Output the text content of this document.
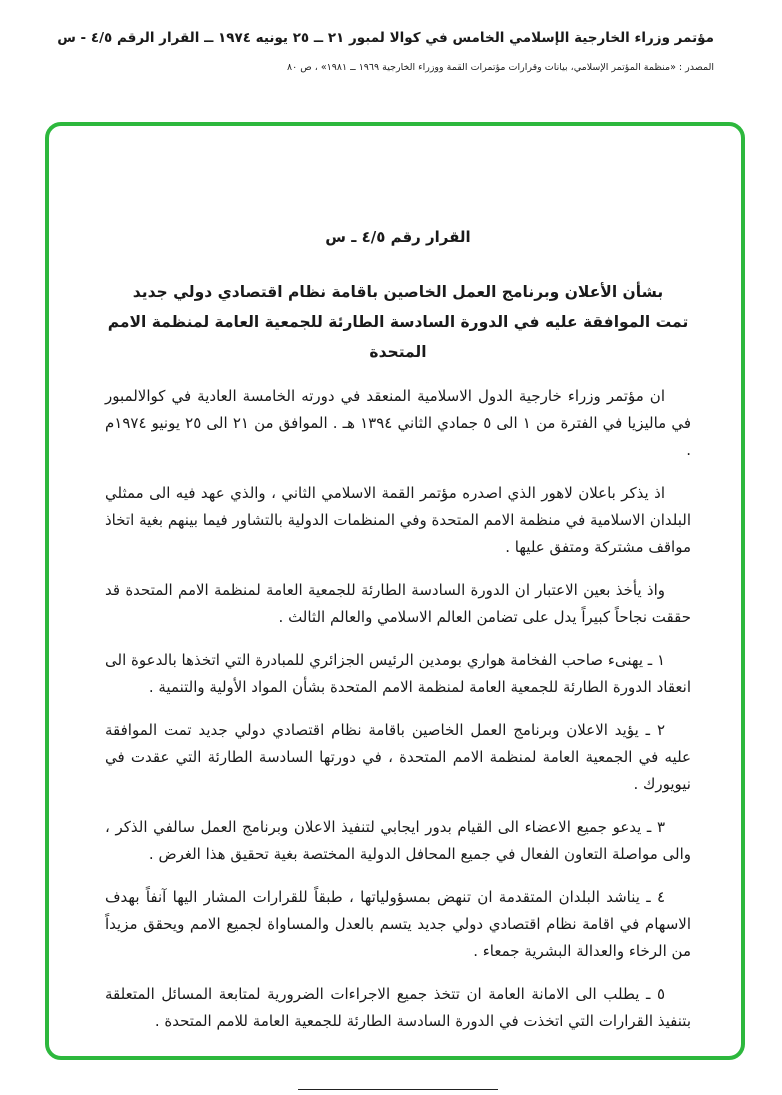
مؤتمر وزراء الخارجية الإسلامي الخامس في كوالا لمبور ٢١ ــ ٢٥ يونيه ١٩٧٤ ــ القرار الرقم ٤/٥ - س
المصدر : «منظمة المؤتمر الإسلامي، بيانات وقرارات مؤتمرات القمة ووزراء الخارجية ١٩٦٩ ــ ١٩٨١» ، ص ٨٠
القرار رقم ٤/٥ ـ س
بشأن الأعلان وبرنامج العمل الخاصين باقامة نظام اقتصادي دولي جديد
تمت الموافقة عليه في الدورة السادسة الطارئة للجمعية العامة لمنظمة الامم المتحدة

ان مؤتمر وزراء خارجية الدول الاسلامية المنعقد في دورته الخامسة العادية في كوالالمبور في ماليزيا في الفترة من ١ الى ٥ جمادي الثاني ١٣٩٤ هـ . الموافق من ٢١ الى ٢٥ يونيو ١٩٧٤م .

اذ يذكر باعلان لاهور الذي اصدره مؤتمر القمة الاسلامي الثاني ، والذي عهد فيه الى ممثلي البلدان الاسلامية في منظمة الامم المتحدة وفي المنظمات الدولية بالتشاور فيما بينهم بغية اتخاذ مواقف مشتركة ومتفق عليها .

واذ يأخذ بعين الاعتبار ان الدورة السادسة الطارئة للجمعية العامة لمنظمة الامم المتحدة قد حققت نجاحاً كبيراً يدل على تضامن العالم الاسلامي والعالم الثالث .

١ ـ يهنىء صاحب الفخامة هواري بومدين الرئيس الجزائري للمبادرة التي اتخذها بالدعوة الى انعقاد الدورة الطارئة للجمعية العامة لمنظمة الامم المتحدة بشأن المواد الأولية والتنمية .

٢ ـ يؤيد الاعلان وبرنامج العمل الخاصين باقامة نظام اقتصادي دولي جديد تمت الموافقة عليه في الجمعية العامة لمنظمة الامم المتحدة ، في دورتها السادسة الطارئة التي عقدت في نيويورك .

٣ ـ يدعو جميع الاعضاء الى القيام بدور ايجابي لتنفيذ الاعلان وبرنامج العمل سالفي الذكر ، والى مواصلة التعاون الفعال في جميع المحافل الدولية المختصة بغية تحقيق هذا الغرض .

٤ ـ يناشد البلدان المتقدمة ان تنهض بمسؤولياتها ، طبقاً للقرارات المشار اليها آنفاً بهدف الاسهام في اقامة نظام اقتصادي دولي جديد يتسم بالعدل والمساواة لجميع الامم ويحقق مزيداً من الرخاء والعدالة البشرية جمعاء .

٥ ـ يطلب الى الامانة العامة ان تتخذ جميع الاجراءات الضرورية لمتابعة المسائل المتعلقة بتنفيذ القرارات التي اتخذت في الدورة السادسة الطارئة للجمعية العامة للامم المتحدة .
